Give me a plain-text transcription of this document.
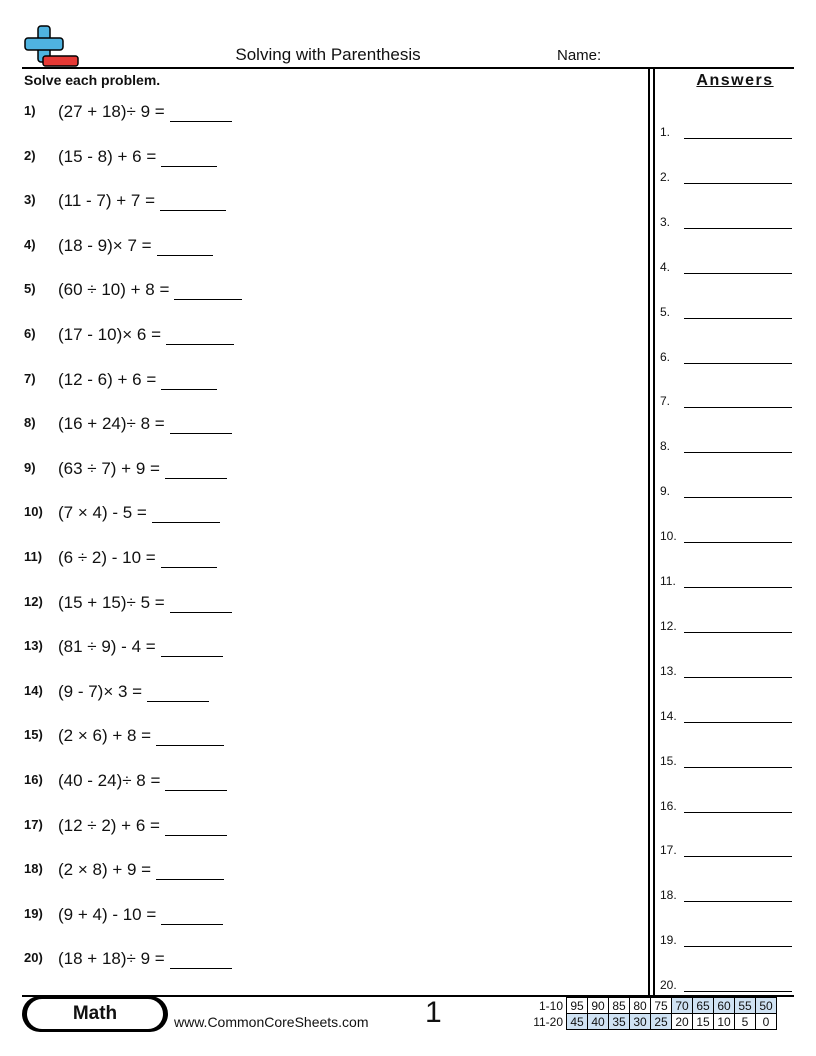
Solving with Parenthesis	Name:
Solve each problem.
1)	(27 + 18)÷ 9 =
2)	(15 - 8) + 6 =
3)	(11 - 7) + 7 =
4)	(18 - 9)× 7 =
5)	(60 ÷ 10) + 8 =
6)	(17 - 10)× 6 =
7)	(12 - 6) + 6 =
8)	(16 + 24)÷ 8 =
9)	(63 ÷ 7) + 9 =
10) (7 × 4) - 5 =
11) (6 ÷ 2) - 10 =
12) (15 + 15)÷ 5 =
13) (81 ÷ 9) - 4 =
14) (9 - 7)× 3 =
15) (2 × 6) + 8 =
16) (40 - 24)÷ 8 =
17) (12 ÷ 2) + 6 =
18) (2 × 8) + 9 =
19) (9 + 4) - 10 =
20) (18 + 18)÷ 9 =
Answers
1.
2.
3.
4.
5.
6.
7.
8.
9.
10.
11.
12.
13.
14.
15.
16.
17.
18.
19.
20.
Math	www.CommonCoreSheets.com 1	1-10	95	90	85	80	75	70	65	60	55	50
11-20	45	40	35	30	25	20	15	10	5	0
